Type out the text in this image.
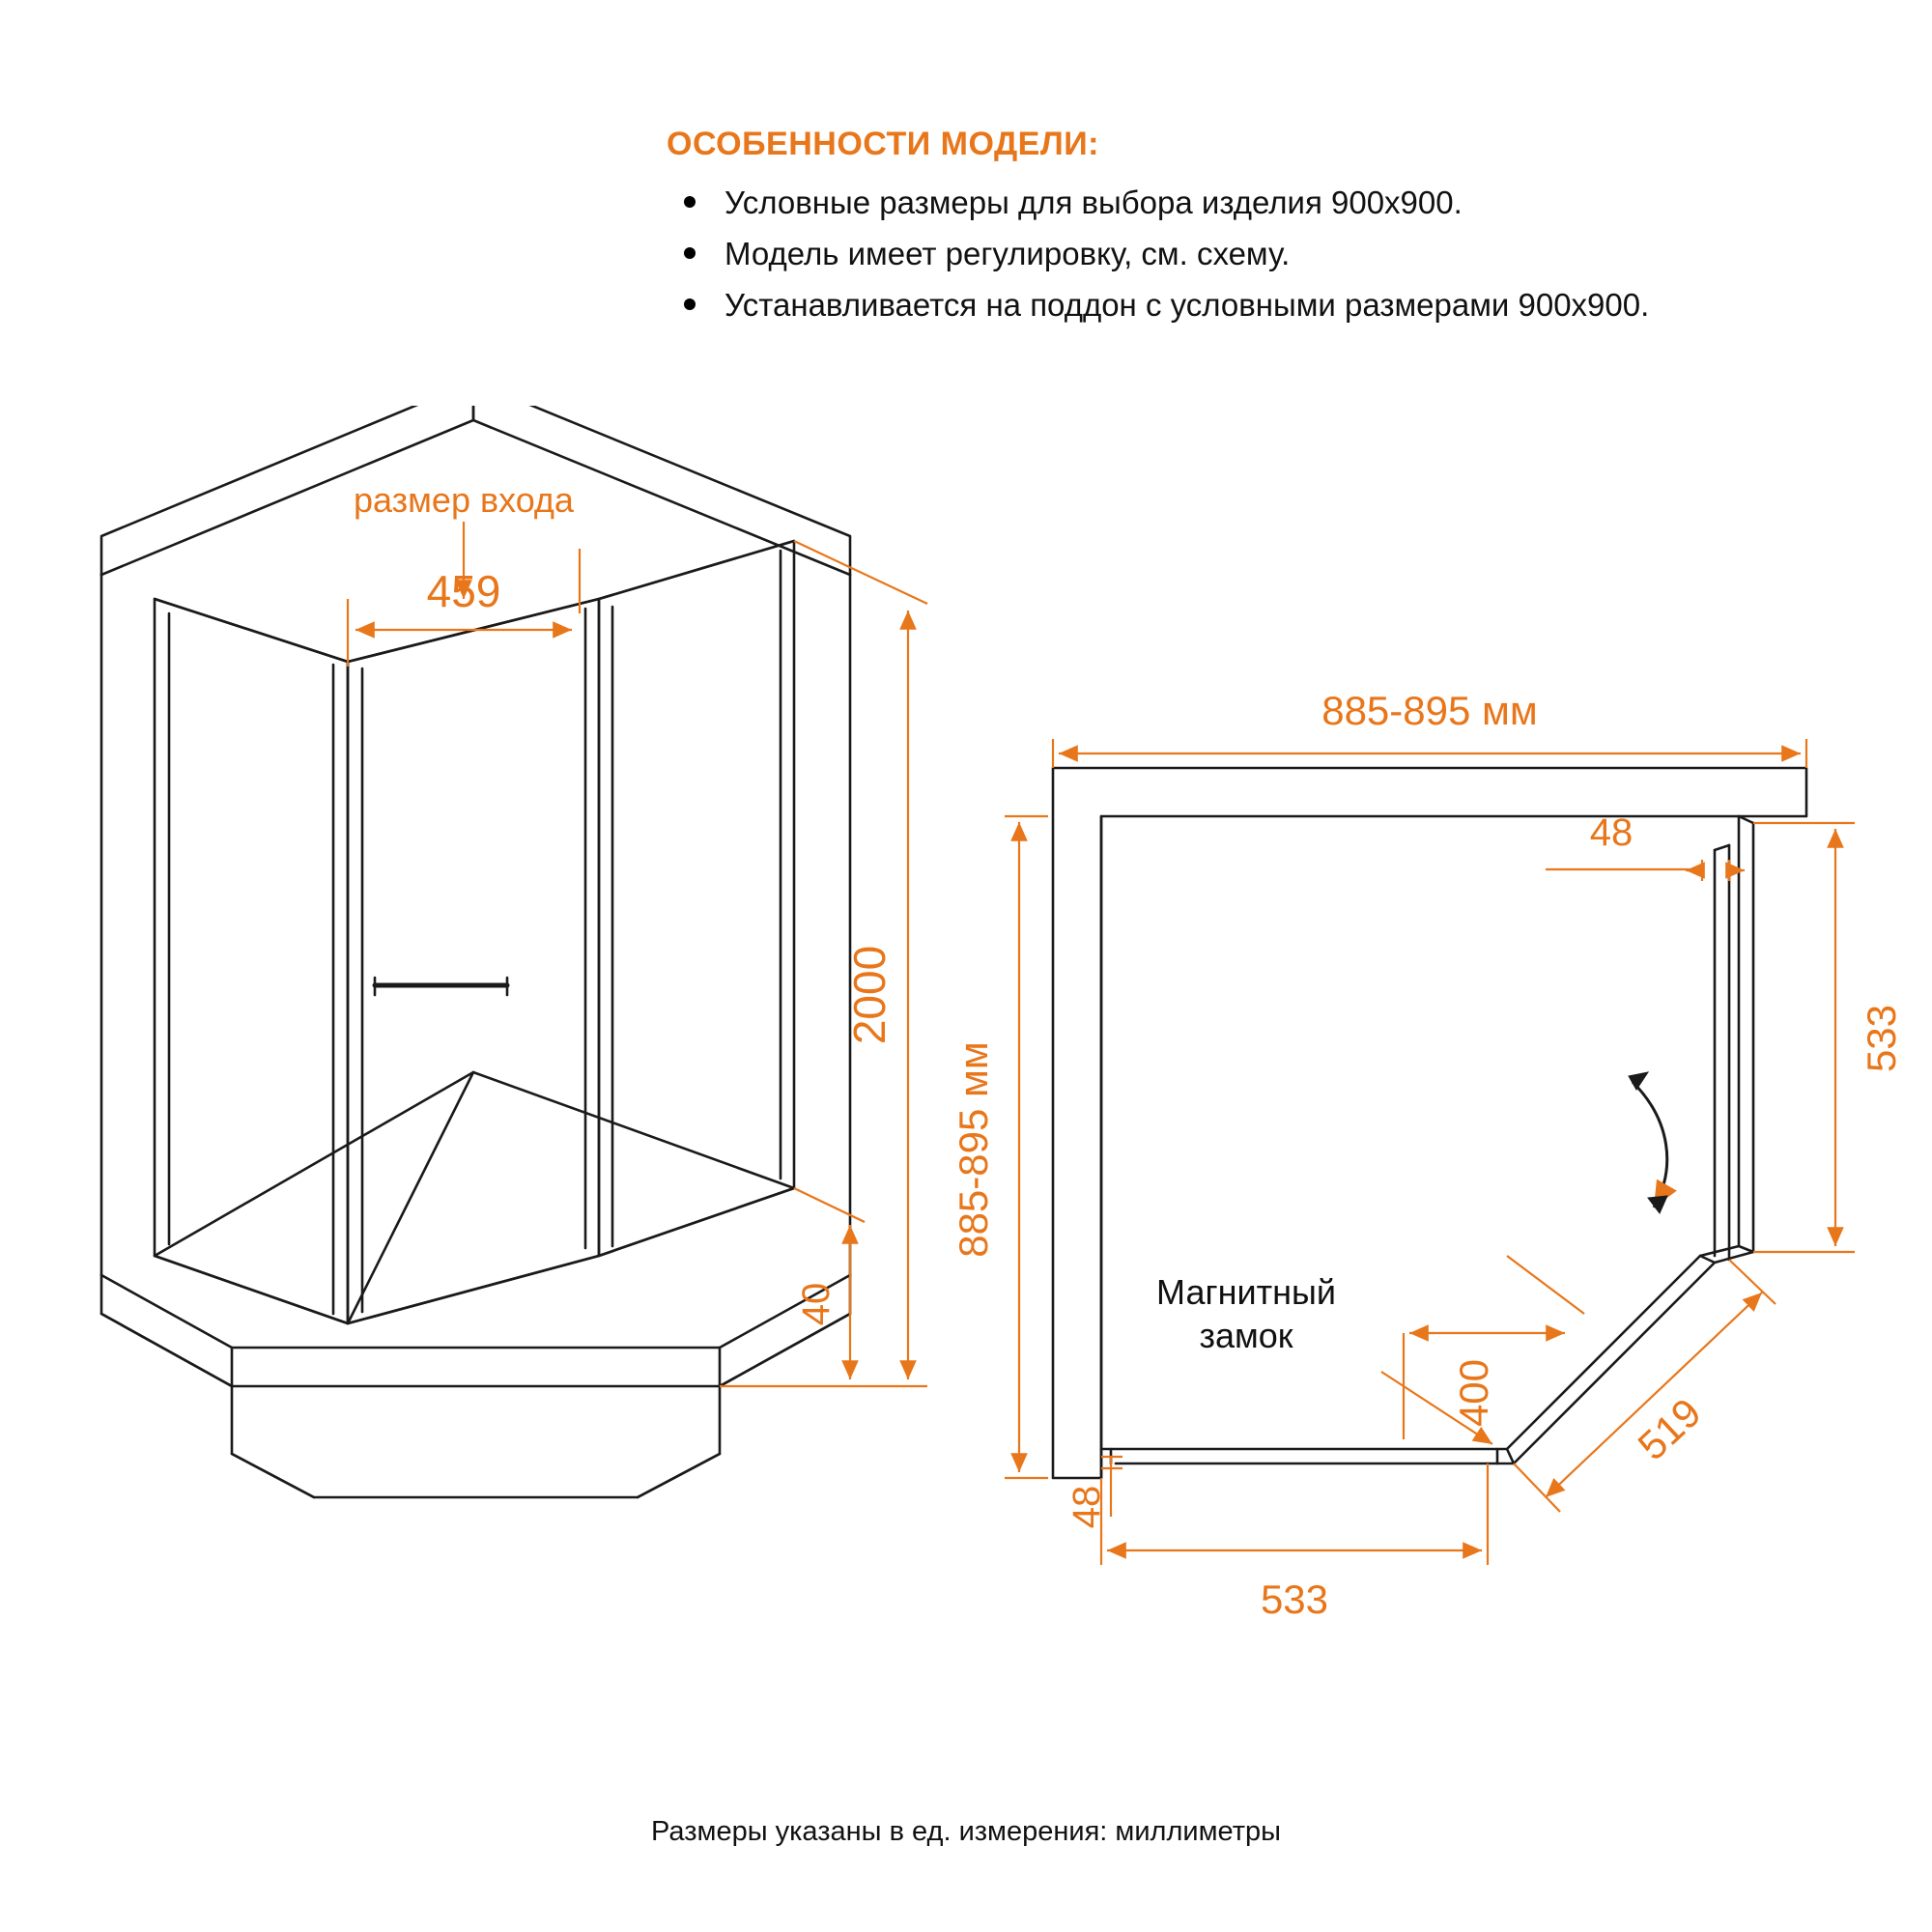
ОСОБЕННОСТИ МОДЕЛИ:
Условные размеры для выбора изделия 900x900.
Модель имеет регулировку, см. схему.
Устанавливается на поддон с условными размерами 900x900.
размер входа
459
2000
40
885-895 мм
885-895 мм
48
48
533
533
400	519
Магнитный
замок
Размеры указаны в ед. измерения: миллиметры
